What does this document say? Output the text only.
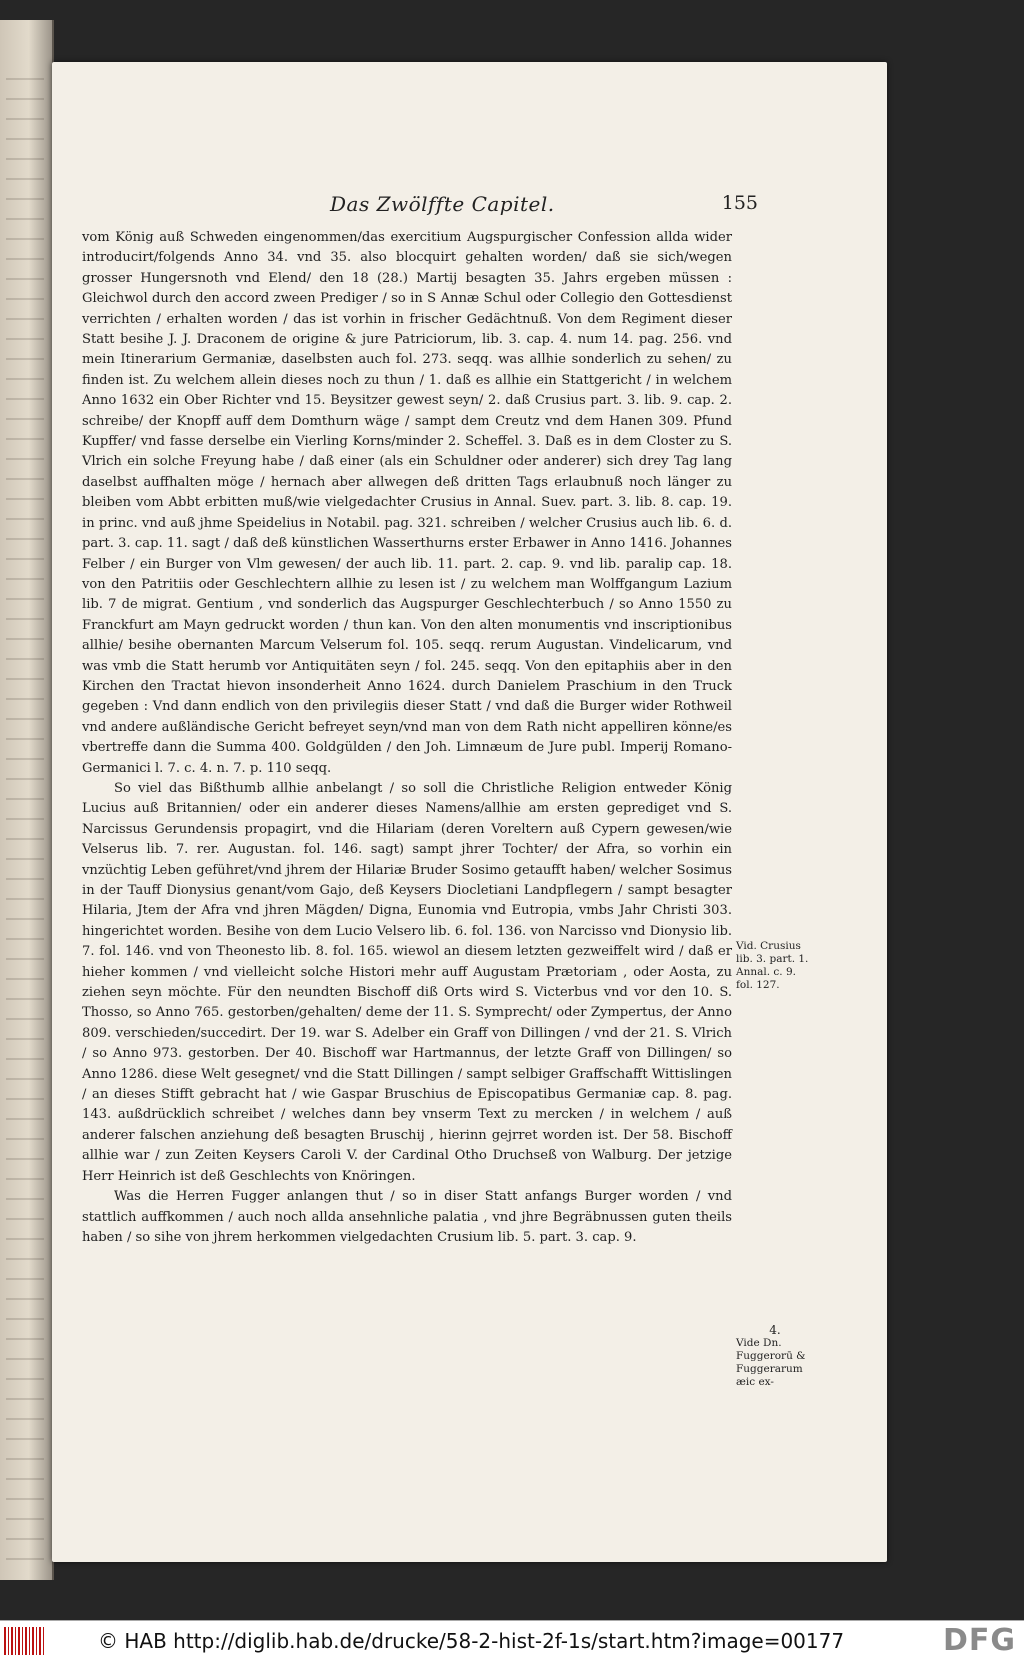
Das Zwölffte Capitel.	155

vom König auß Schweden eingenommen/das exercitium Augspurgischer Confession allda wider introducirt/folgends Anno 34. vnd 35. also blocquirt gehalten worden/ daß sie sich/wegen grosser Hungersnoth vnd Elend/ den 18 (28.) Martij besagten 35. Jahrs ergeben müssen : Gleichwol durch den accord zween Prediger / so in S Annæ Schul oder Collegio den Gottesdienst verrichten / erhalten worden / das ist vorhin in frischer Gedächtnuß. Von dem Regiment dieser Statt besihe J. J. Draconem de origine & jure Patriciorum, lib. 3. cap. 4. num 14. pag. 256. vnd mein Itinerarium Germaniæ, daselbsten auch fol. 273. seqq. was allhie sonderlich zu sehen/ zu finden ist. Zu welchem allein dieses noch zu thun / 1. daß es allhie ein Stattgericht / in welchem Anno 1632 ein Ober Richter vnd 15. Beysitzer gewest seyn/ 2. daß Crusius part. 3. lib. 9. cap. 2. schreibe/ der Knopff auff dem Domthurn wäge / sampt dem Creutz vnd dem Hanen 309. Pfund Kupffer/ vnd fasse derselbe ein Vierling Korns/minder 2. Scheffel. 3. Daß es in dem Closter zu S. Vlrich ein solche Freyung habe / daß einer (als ein Schuldner oder anderer) sich drey Tag lang daselbst auffhalten möge / hernach aber allwegen deß dritten Tags erlaubnuß noch länger zu bleiben vom Abbt erbitten muß/wie vielgedachter Crusius in Annal. Suev. part. 3. lib. 8. cap. 19. in princ. vnd auß jhme Speidelius in Notabil. pag. 321. schreiben / welcher Crusius auch lib. 6. d. part. 3. cap. 11. sagt / daß deß künstlichen Wasserthurns erster Erbawer in Anno 1416. Johannes Felber / ein Burger von Vlm gewesen/ der auch lib. 11. part. 2. cap. 9. vnd lib. paralip cap. 18. von den Patritiis oder Geschlechtern allhie zu lesen ist / zu welchem man Wolffgangum Lazium lib. 7 de migrat. Gentium , vnd sonderlich das Augspurger Geschlechterbuch / so Anno 1550 zu Franckfurt am Mayn gedruckt worden / thun kan. Von den alten monumentis vnd inscriptionibus allhie/ besihe obernanten Marcum Velserum fol. 105. seqq. rerum Augustan. Vindelicarum, vnd was vmb die Statt herumb vor Antiquitäten seyn / fol. 245. seqq. Von den epitaphiis aber in den Kirchen den Tractat hievon insonderheit Anno 1624. durch Danielem Praschium in den Truck gegeben : Vnd dann endlich von den privilegiis dieser Statt / vnd daß die Burger wider Rothweil vnd andere außländische Gericht befreyet seyn/vnd man von dem Rath nicht appelliren könne/es vbertreffe dann die Summa 400. Goldgülden / den Joh. Limnæum de Jure publ. Imperij Romano-Germanici l. 7. c. 4. n. 7. p. 110 seqq.

So viel das Bißthumb allhie anbelangt / so soll die Christliche Religion entweder König Lucius auß Britannien/ oder ein anderer dieses Namens/allhie am ersten geprediget vnd S. Narcissus Gerundensis propagirt, vnd die Hilariam (deren Voreltern auß Cypern gewesen/wie Velserus lib. 7. rer. Augustan. fol. 146. sagt) sampt jhrer Tochter/ der Afra, so vorhin ein vnzüchtig Leben geführet/vnd jhrem der Hilariæ Bruder Sosimo getaufft haben/ welcher Sosimus in der Tauff Dionysius genant/vom Gajo, deß Keysers Diocletiani Landpflegern / sampt besagter Hilaria, Jtem der Afra vnd jhren Mägden/ Digna, Eunomia vnd Eutropia, vmbs Jahr Christi 303. hingerichtet worden. Besihe von dem Lucio Velsero lib. 6. fol. 136. von Narcisso vnd Dionysio lib. 7. fol. 146. vnd von Theonesto lib. 8. fol. 165. wiewol an diesem letzten gezweiffelt wird / daß er hieher kommen / vnd vielleicht solche Histori mehr auff Augustam Prætoriam , oder Aosta, zu ziehen seyn möchte. Für den neundten Bischoff diß Orts wird S. Victerbus vnd vor den 10. S. Thosso, so Anno 765. gestorben/gehalten/ deme der 11. S. Symprecht/ oder Zympertus, der Anno 809. verschieden/succedirt. Der 19. war S. Adelber ein Graff von Dillingen / vnd der 21. S. Vlrich / so Anno 973. gestorben. Der 40. Bischoff war Hartmannus, der letzte Graff von Dillingen/ so Anno 1286. diese Welt gesegnet/ vnd die Statt Dillingen / sampt selbiger Graffschafft Wittislingen / an dieses Stifft gebracht hat / wie Gaspar Bruschius de Episcopatibus Germaniæ cap. 8. pag. 143. außdrücklich schreibet / welches dann bey vnserm Text zu mercken / in welchem / auß anderer falschen anziehung deß besagten Bruschij , hierinn gejrret worden ist. Der 58. Bischoff allhie war / zun Zeiten Keysers Caroli V. der Cardinal Otho Druchseß von Walburg. Der jetzige Herr Heinrich ist deß Geschlechts von Knöringen.

Was die Herren Fugger anlangen thut / so in diser Statt anfangs Burger worden / vnd stattlich auffkommen / auch noch allda ansehnliche palatia , vnd jhre Begräbnussen guten theils haben / so sihe von jhrem herkommen vielgedachten Crusium lib. 5. part. 3. cap. 9.

Vid. Crusius lib. 3. part. 1. Annal. c. 9. fol. 127.
4.
Vide Dn. Fuggerorū & Fuggerarum æic ex-
© HAB http://diglib.hab.de/drucke/58-2-hist-2f-1s/start.htm?image=00177	DFG
